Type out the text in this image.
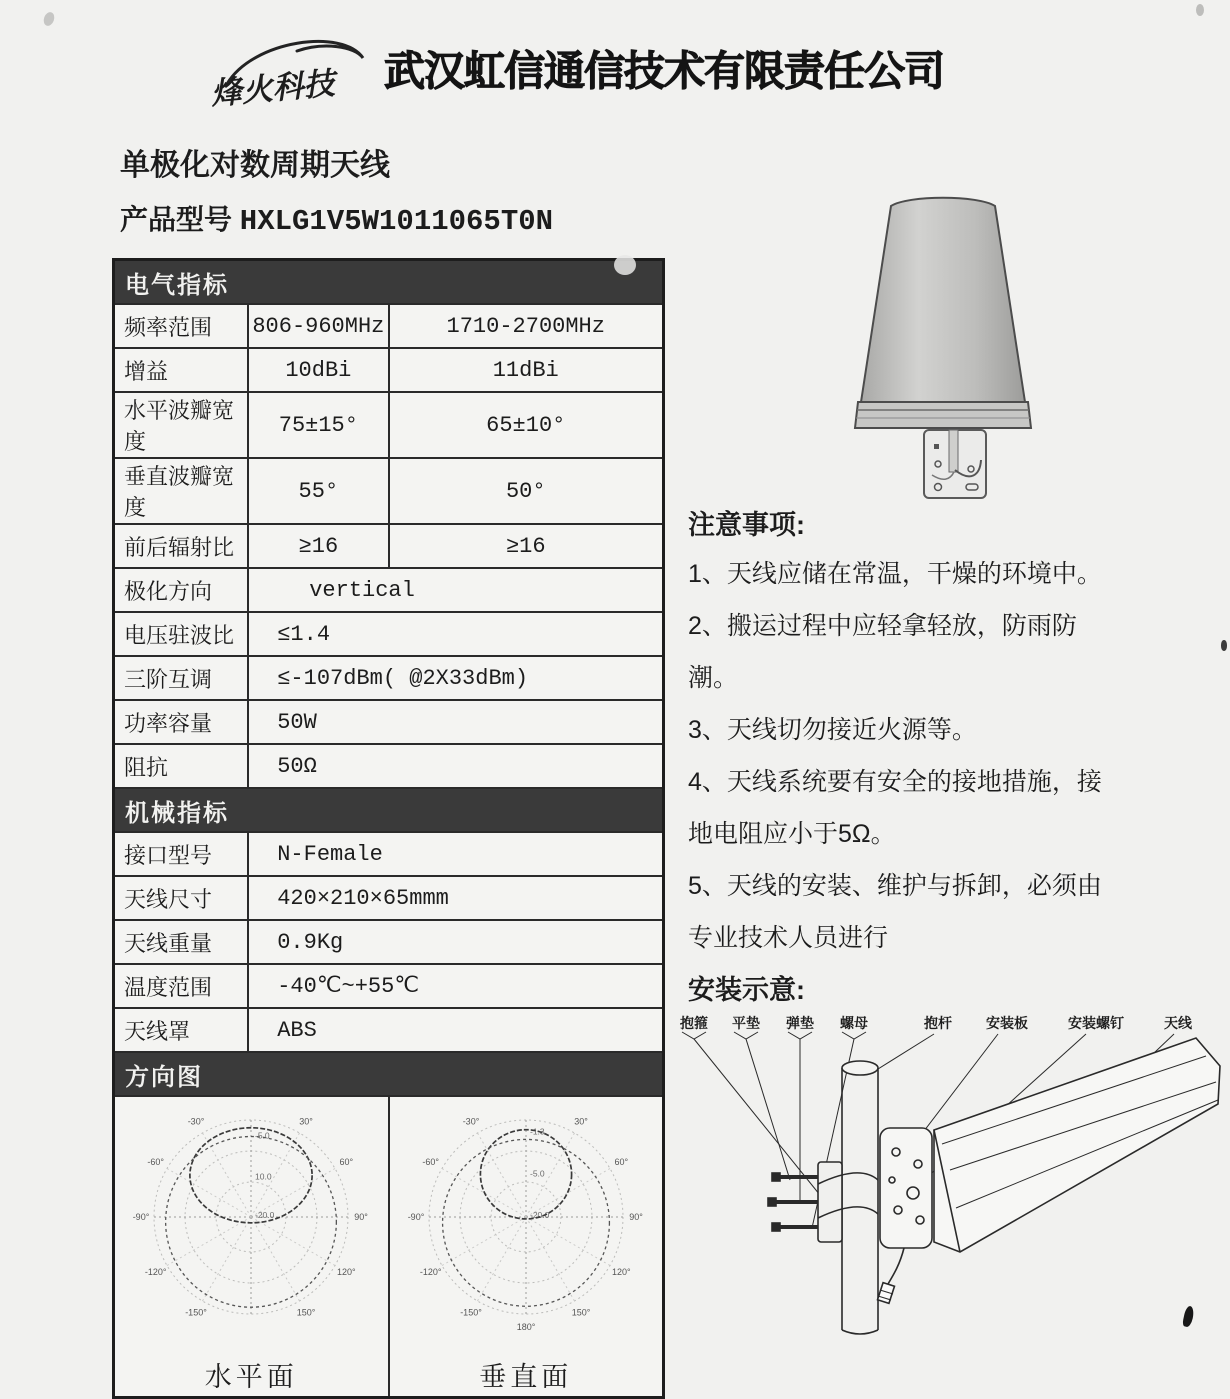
烽火科技 武汉虹信通信技术有限责任公司
单极化对数周期天线
产品型号 HXLG1V5W1011065T0N
电气指标		

频率范围	806-960MHz	1710-2700MHz
增益	10dBi	11dBi
水平波瓣宽度	75±15°	65±10°
垂直波瓣宽度	55°	50°
前后辐射比	≥16	≥16
极化方向	vertical	
电压驻波比	≤1.4	
三阶互调	≤-107dBm( @2X33dBm)	
功率容量	50W	
阻抗	50Ω	
机械指标		
接口型号	N-Female	
天线尺寸	420×210×65mmm	
天线重量	0.9Kg	
温度范围	-40℃~+55℃	
天线罩	ABS	
方向图		

-30°	30°
-60°	60°
-90°	90°
-120°	120°
-150°	150°
-5.0
10.0
-20.0
水平面

-30°	30°
-60°	60°
-90°	90°
-120°	120°
-150°	150°
180°
-1.3
-5.0
-20.0
垂直面
注意事项:

1、天线应储在常温，干燥的环境中。

2、搬运过程中应轻拿轻放，防雨防潮。

3、天线切勿接近火源等。

4、天线系统要有安全的接地措施，接地电阻应小于5Ω。

5、天线的安装、维护与拆卸，必须由专业技术人员进行

安装示意:
抱箍 平垫 弹垫 螺母	抱杆 安装板	安装螺钉	天线
